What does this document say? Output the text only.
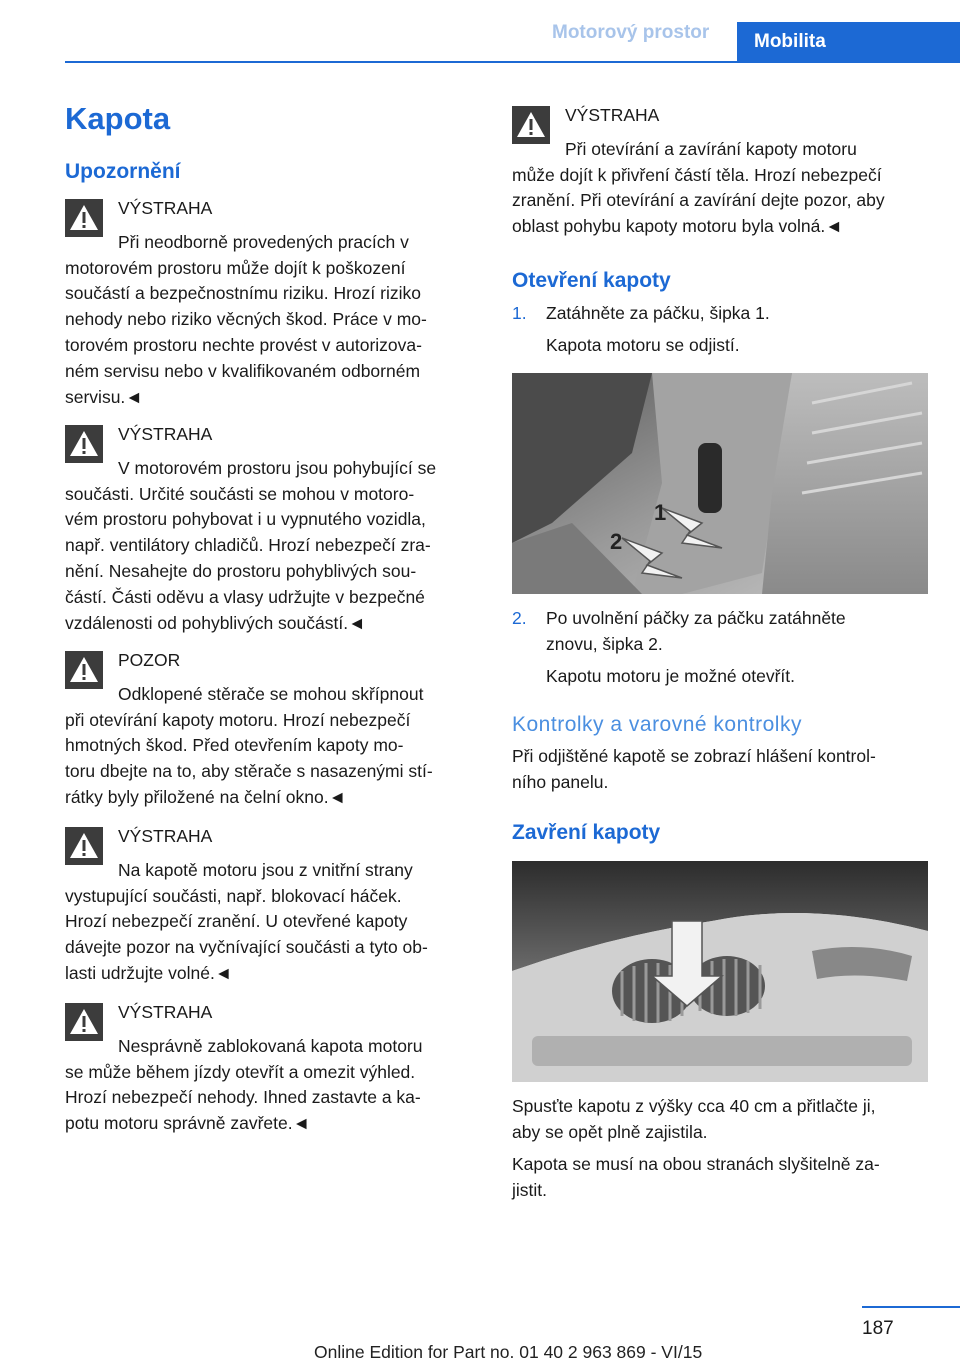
Motorový prostor	Mobilita
Kapota
Upozornění
VÝSTRAHA
Při neodborně provedených pracích v
motorovém prostoru může dojít k poškození
součástí a bezpečnostnímu riziku. Hrozí riziko
nehody nebo riziko věcných škod. Práce v mo‐
torovém prostoru nechte provést v autorizova‐
ném servisu nebo v kvalifikovaném odborném
servisu.◄
VÝSTRAHA
V motorovém prostoru jsou pohybující se
součásti. Určité součásti se mohou v motoro‐
vém prostoru pohybovat i u vypnutého vozidla,
např. ventilátory chladičů. Hrozí nebezpečí zra‐
nění. Nesahejte do prostoru pohyblivých sou‐
částí. Části oděvu a vlasy udržujte v bezpečné
vzdálenosti od pohyblivých součástí.◄
POZOR
Odklopené stěrače se mohou skřípnout
při otevírání kapoty motoru. Hrozí nebezpečí
hmotných škod. Před otevřením kapoty mo‐
toru dbejte na to, aby stěrače s nasazenými stí‐
rátky byly přiložené na čelní okno.◄
VÝSTRAHA
Na kapotě motoru jsou z vnitřní strany
vystupující součásti, např. blokovací háček.
Hrozí nebezpečí zranění. U otevřené kapoty
dávejte pozor na vyčnívající součásti a tyto ob‐
lasti udržujte volné.◄
VÝSTRAHA
Nesprávně zablokovaná kapota motoru
se může během jízdy otevřít a omezit výhled.
Hrozí nebezpečí nehody. Ihned zastavte a ka‐
potu motoru správně zavřete.◄
VÝSTRAHA
Při otevírání a zavírání kapoty motoru
může dojít k přivření částí těla. Hrozí nebezpečí
zranění. Při otevírání a zavírání dejte pozor, aby
oblast pohybu kapoty motoru byla volná.◄
Otevření kapoty
1. Zatáhněte za páčku, šipka 1.
Kapota motoru se odjistí.
1
2
2. Po uvolnění páčky za páčku zatáhněte
znovu, šipka 2.
Kapotu motoru je možné otevřít.
Kontrolky a varovné kontrolky
Při odjištěné kapotě se zobrazí hlášení kontrol‐
ního panelu.
Zavření kapoty
Spusťte kapotu z výšky cca 40 cm a přitlačte ji,
aby se opět plně zajistila.
Kapota se musí na obou stranách slyšitelně za‐
jistit.
187
Online Edition for Part no. 01 40 2 963 869 - VI/15
